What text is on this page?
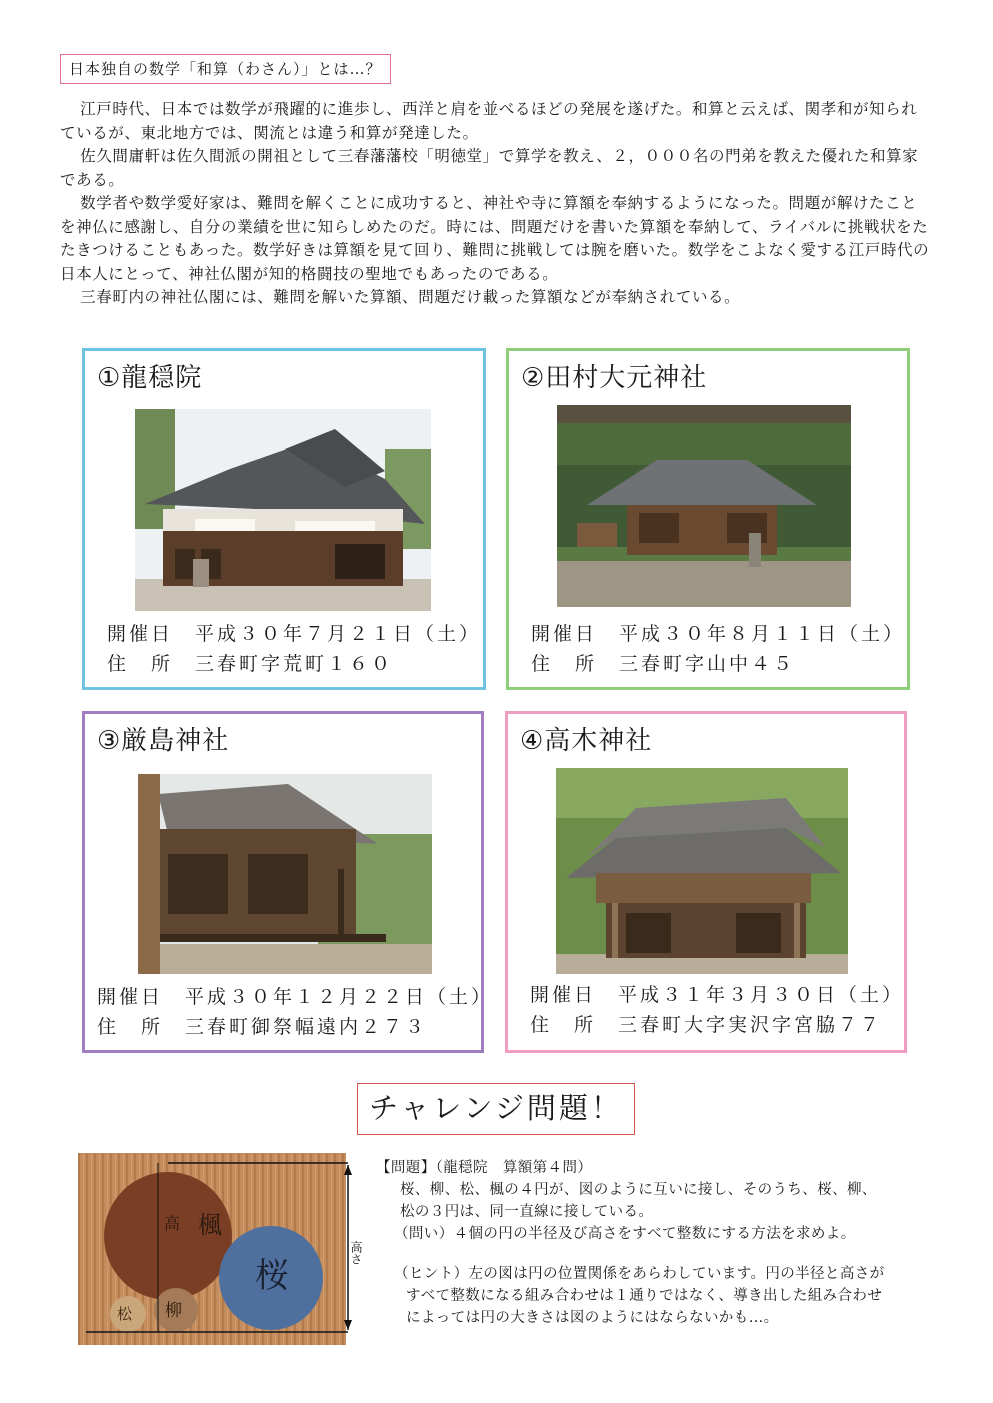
日本独自の数学「和算（わさん）」とは…？

江戸時代、日本では数学が飛躍的に進歩し、西洋と肩を並べるほどの発展を遂げた。和算と云えば、関孝和が知られているが、東北地方では、関流とは違う和算が発達した。

佐久間庸軒は佐久間派の開祖として三春藩藩校「明徳堂」で算学を教え、２，０００名の門弟を教えた優れた和算家である。

数学者や数学愛好家は、難問を解くことに成功すると、神社や寺に算額を奉納するようになった。問題が解けたことを神仏に感謝し、自分の業績を世に知らしめたのだ。時には、問題だけを書いた算額を奉納して、ライバルに挑戦状をたたきつけることもあった。数学好きは算額を見て回り、難問に挑戦しては腕を磨いた。数学をこよなく愛する江戸時代の日本人にとって、神社仏閣が知的格闘技の聖地でもあったのである。

三春町内の神社仏閣には、難問を解いた算額、問題だけ載った算額などが奉納されている。

①龍穏院
開催日 平成３０年７月２１日（土）
住　所 三春町字荒町１６０
②田村大元神社
開催日 平成３０年８月１１日（土）
住　所 三春町字山中４５
③厳島神社
開催日 平成３０年１２月２２日（土）
住　所 三春町御祭幅遠内２７３
④高木神社
開催日 平成３１年３月３０日（土）
住　所 三春町大字実沢字宮脇７７
チャレンジ問題！
楓
高
桜
松 柳
高さ
【問題】（龍穏院　算額第４問）
桜、柳、松、楓の４円が、図のように互いに接し、そのうち、桜、柳、
松の３円は、同一直線に接している。
（問い）４個の円の半径及び高さをすべて整数にする方法を求めよ。
（ヒント）左の図は円の位置関係をあらわしています。円の半径と高さが
すべて整数になる組み合わせは１通りではなく、導き出した組み合わせ
によっては円の大きさは図のようにはならないかも…。
